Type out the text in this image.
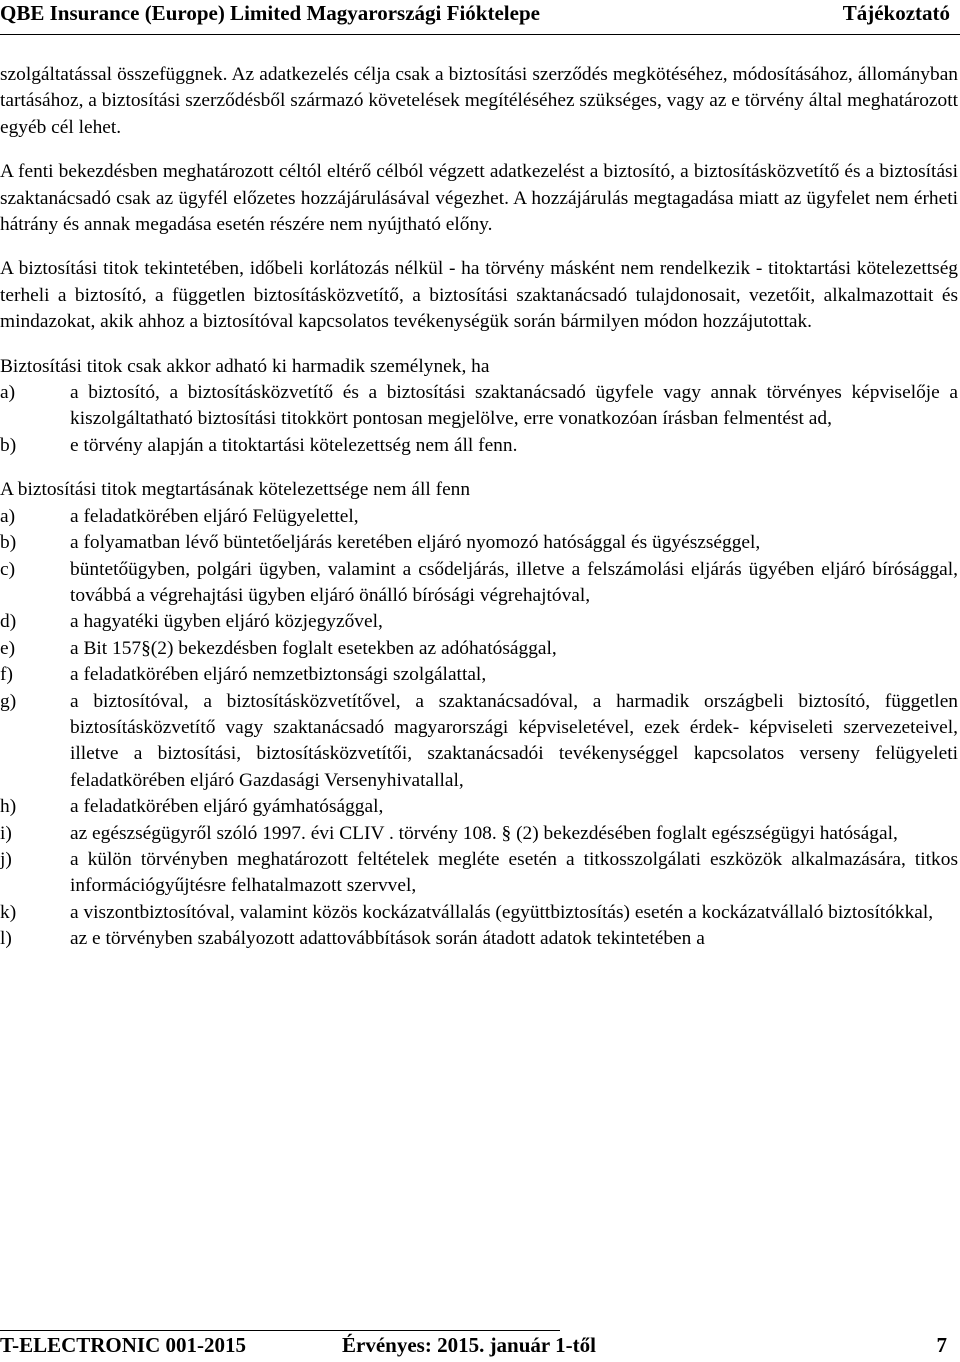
QBE Insurance (Europe) Limited Magyarországi Fióktelepe	Tájékoztató

szolgáltatással összefüggnek. Az adatkezelés célja csak a biztosítási szerződés megkötéséhez, módosításához, állományban tartásához, a biztosítási szerződésből származó követelések megítéléséhez szükséges, vagy az e törvény által meghatározott egyéb cél lehet.

A fenti bekezdésben meghatározott céltól eltérő célból végzett adatkezelést a biztosító, a biztosításközvetítő és a biztosítási szaktanácsadó csak az ügyfél előzetes hozzájárulásával végezhet. A hozzájárulás megtagadása miatt az ügyfelet nem érheti hátrány és annak megadása esetén részére nem nyújtható előny.

A biztosítási titok tekintetében, időbeli korlátozás nélkül - ha törvény másként nem rendelkezik - titoktartási kötelezettség terheli a biztosító, a független biztosításközvetítő, a biztosítási szaktanácsadó tulajdonosait, vezetőit, alkalmazottait és mindazokat, akik ahhoz a biztosítóval kapcsolatos tevékenységük során bármilyen módon hozzájutottak.

Biztosítási titok csak akkor adható ki harmadik személynek, ha

a)	a biztosító, a biztosításközvetítő és a biztosítási szaktanácsadó ügyfele vagy annak törvényes képviselője a kiszolgáltatható biztosítási titokkört pontosan megjelölve, erre vonatkozóan írásban felmentést ad,
b)	e törvény alapján a titoktartási kötelezettség nem áll fenn.

A biztosítási titok megtartásának kötelezettsége nem áll fenn

a)	a feladatkörében eljáró Felügyelettel,
b)	a folyamatban lévő büntetőeljárás keretében eljáró nyomozó hatósággal és ügyészséggel,
c)	büntetőügyben, polgári ügyben, valamint a csődeljárás, illetve a felszámolási eljárás ügyében eljáró bírósággal, továbbá a végrehajtási ügyben eljáró önálló bírósági végrehajtóval,
d)	a hagyatéki ügyben eljáró közjegyzővel,
e)	a Bit 157§(2) bekezdésben foglalt esetekben az adóhatósággal,
f)	a feladatkörében eljáró nemzetbiztonsági szolgálattal,
g)	a biztosítóval, a biztosításközvetítővel, a szaktanácsadóval, a harmadik országbeli biztosító, független biztosításközvetítő vagy szaktanácsadó magyarországi képviseletével, ezek érdek- képviseleti szervezeteivel, illetve a biztosítási, biztosításközvetítői, szaktanácsadói tevékenységgel kapcsolatos verseny felügyeleti feladatkörében eljáró Gazdasági Versenyhivatallal,
h)	a feladatkörében eljáró gyámhatósággal,
i)	az egészségügyről szóló 1997. évi CLIV . törvény 108. § (2) bekezdésében foglalt egészségügyi hatóságal,
j)	a külön törvényben meghatározott feltételek megléte esetén a titkosszolgálati eszközök alkalmazására, titkos információgyűjtésre felhatalmazott szervvel,
k)	a viszontbiztosítóval, valamint közös kockázatvállalás (együttbiztosítás) esetén a kockázatvállaló biztosítókkal,
l)	az e törvényben szabályozott adattovábbítások során átadott adatok tekintetében a
T-ELECTRONIC 001-2015	Érvényes: 2015. január 1-től	7
